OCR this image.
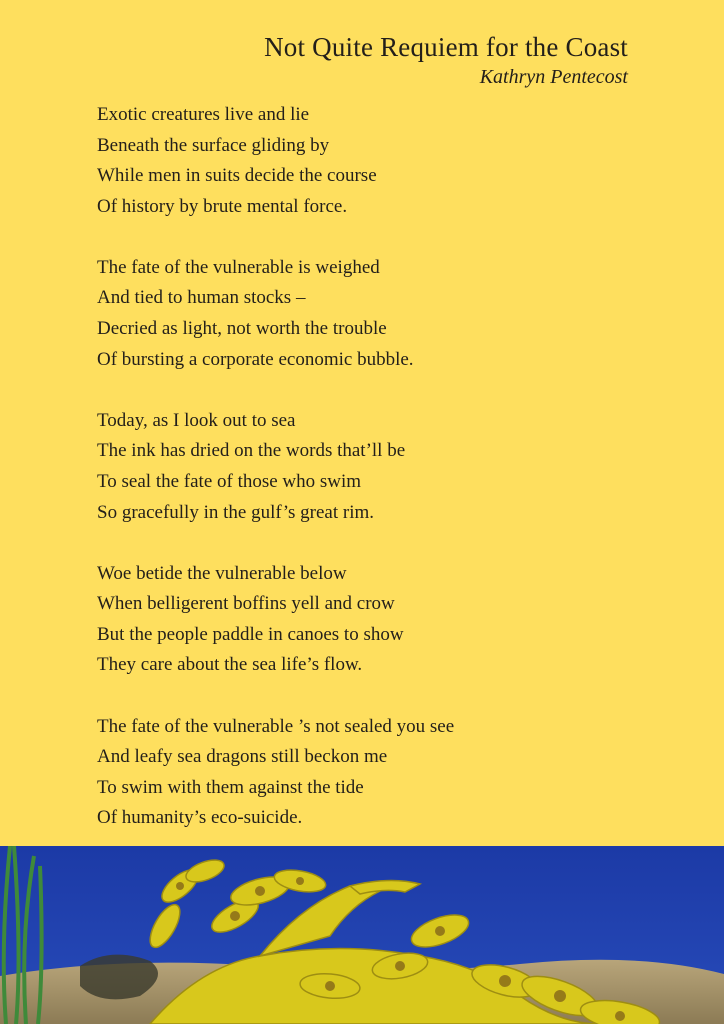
Not Quite Requiem for the Coast
Kathryn Pentecost
Exotic creatures live and lie
Beneath the surface gliding by
While men in suits decide the course
Of history by brute mental force.
The fate of the vulnerable is weighed
And tied to human stocks –
Decried as light, not worth the trouble
Of bursting a corporate economic bubble.
Today, as I look out to sea
The ink has dried on the words that’ll be
To seal the fate of those who swim
So gracefully in the gulf’s great rim.
Woe betide the vulnerable below
When belligerent boffins yell and crow
But the people paddle in canoes to show
They care about the sea life’s flow.
The fate of the vulnerable ’s not sealed you see
And leafy sea dragons still beckon me
To swim with them against the tide
Of humanity’s eco-suicide.
